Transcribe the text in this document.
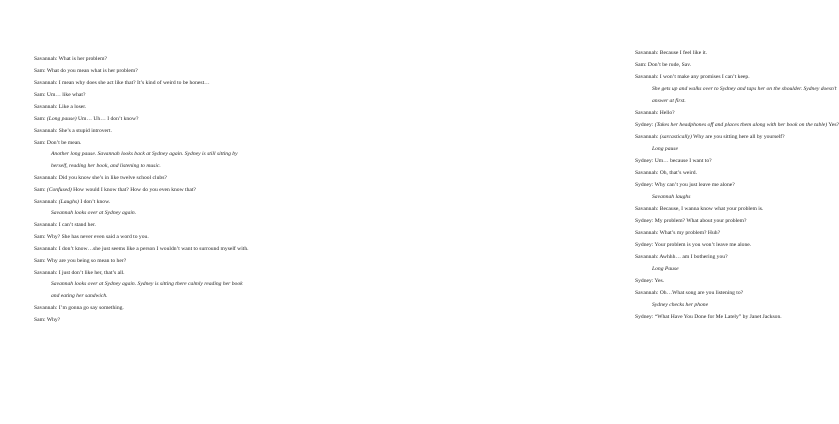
Savannah: What is her problem?
Sam: What do you mean what is her problem?
Savannah: I mean why does she act like that? It’s kind of weird to be honest…
Sam: Um… like what?
Savannah: Like a loser.
Sam: (Long pause) Um… Uh… I don’t know?
Savannah: She’s a stupid introvert.
Sam: Don’t be mean.
Another long pause. Savannah looks back at Sydney again. Sydney is still sitting by
herself, reading her book, and listening to music.
Savannah: Did you know she’s in like twelve school clubs?
Sam: (Confused) How would I know that? How do you even know that?
Savannah: (Laughs) I don’t know.
Savannah looks over at Sydney again.
Savannah: I can’t stand her.
Sam: Why? She has never even said a word to you.
Savannah: I don’t know…she just seems like a person I wouldn’t want to surround myself with.
Sam: Why are you being so mean to her?
Savannah: I just don’t like her, that’s all.
Savannah looks over at Sydney again. Sydney is sitting there calmly reading her book
and eating her sandwich.
Savannah: I’m gonna go say something.
Sam: Why?
Savannah: Because I feel like it.
Sam: Don’t be rude, Sav.
Savannah: I won’t make any promises I can’t keep.
She gets up and walks over to Sydney and taps her on the shoulder. Sydney doesn’t
answer at first.
Savannah: Hello?
Sydney: (Takes her headphones off and places them along with her book on the table) Yes?
Savannah: (sarcastically) Why are you sitting here all by yourself?
Long pause
Sydney: Um… because I want to?
Savannah: Oh, that’s weird.
Sydney: Why can’t you just leave me alone?
Savannah laughs
Savannah: Because, I wanna know what your problem is.
Sydney: My problem? What about your problem?
Savannah: What’s my problem? Huh?
Sydney: Your problem is you won’t leave me alone.
Savannah: Awhhh… am I bothering you?
Long Pause
Sydney: Yes.
Savannah: Oh…What song are you listening to?
Sydney checks her phone
Sydney: “What Have You Done for Me Lately” by Janet Jackson.
